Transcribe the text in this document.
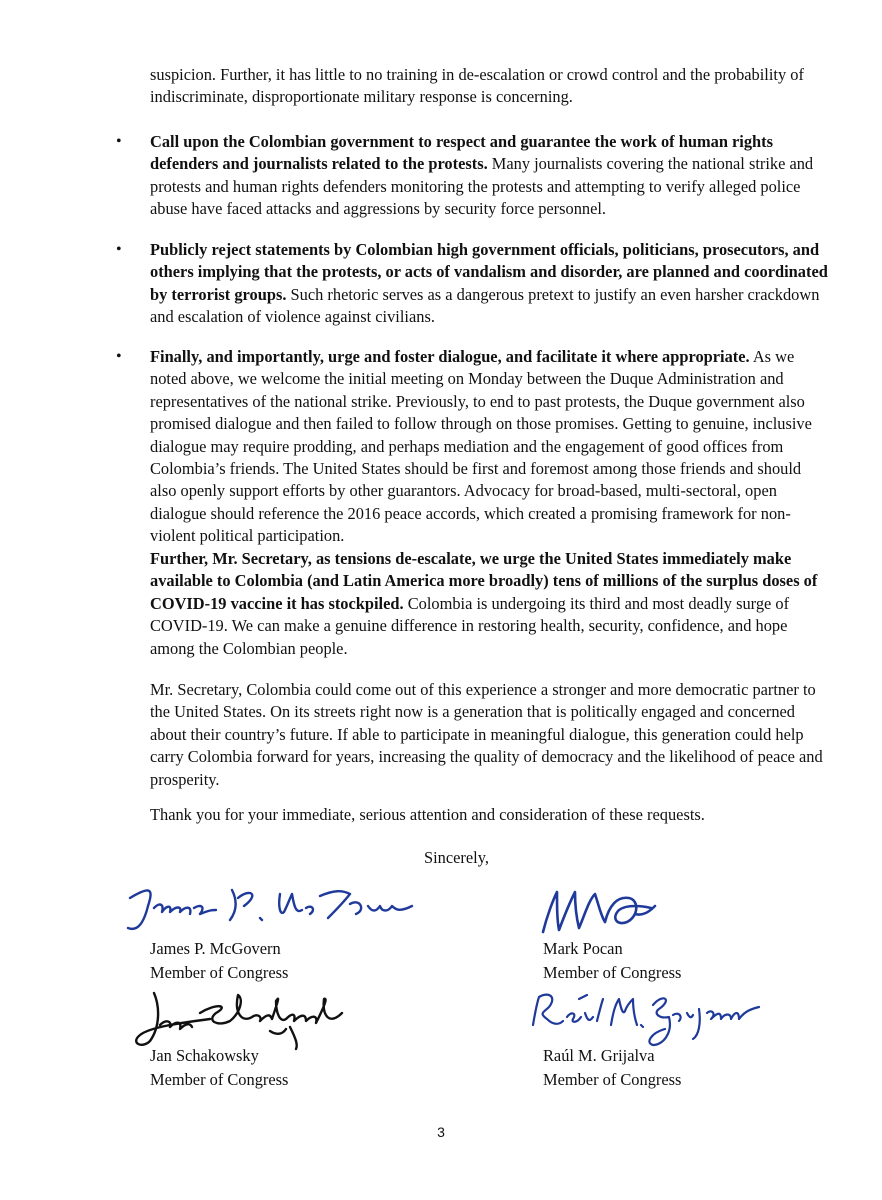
suspicion. Further, it has little to no training in de-escalation or crowd control and the probability of indiscriminate, disproportionate military response is concerning.
• Call upon the Colombian government to respect and guarantee the work of human rights defenders and journalists related to the protests. Many journalists covering the national strike and protests and human rights defenders monitoring the protests and attempting to verify alleged police abuse have faced attacks and aggressions by security force personnel.
• Publicly reject statements by Colombian high government officials, politicians, prosecutors, and others implying that the protests, or acts of vandalism and disorder, are planned and coordinated by terrorist groups. Such rhetoric serves as a dangerous pretext to justify an even harsher crackdown and escalation of violence against civilians.
• Finally, and importantly, urge and foster dialogue, and facilitate it where appropriate. As we noted above, we welcome the initial meeting on Monday between the Duque Administration and representatives of the national strike. Previously, to end to past protests, the Duque government also promised dialogue and then failed to follow through on those promises. Getting to genuine, inclusive dialogue may require prodding, and perhaps mediation and the engagement of good offices from Colombia’s friends. The United States should be first and foremost among those friends and should also openly support efforts by other guarantors. Advocacy for broad-based, multi-sectoral, open dialogue should reference the 2016 peace accords, which created a promising framework for non-violent political participation.
Further, Mr. Secretary, as tensions de-escalate, we urge the United States immediately make available to Colombia (and Latin America more broadly) tens of millions of the surplus doses of COVID-19 vaccine it has stockpiled. Colombia is undergoing its third and most deadly surge of COVID-19. We can make a genuine difference in restoring health, security, confidence, and hope among the Colombian people.
Mr. Secretary, Colombia could come out of this experience a stronger and more democratic partner to the United States. On its streets right now is a generation that is politically engaged and concerned about their country’s future. If able to participate in meaningful dialogue, this generation could help carry Colombia forward for years, increasing the quality of democracy and the likelihood of peace and prosperity.
Thank you for your immediate, serious attention and consideration of these requests.
Sincerely,
James P. McGovern
Member of Congress
Mark Pocan
Member of Congress
Jan Schakowsky
Member of Congress
Raúl M. Grijalva
Member of Congress
3
